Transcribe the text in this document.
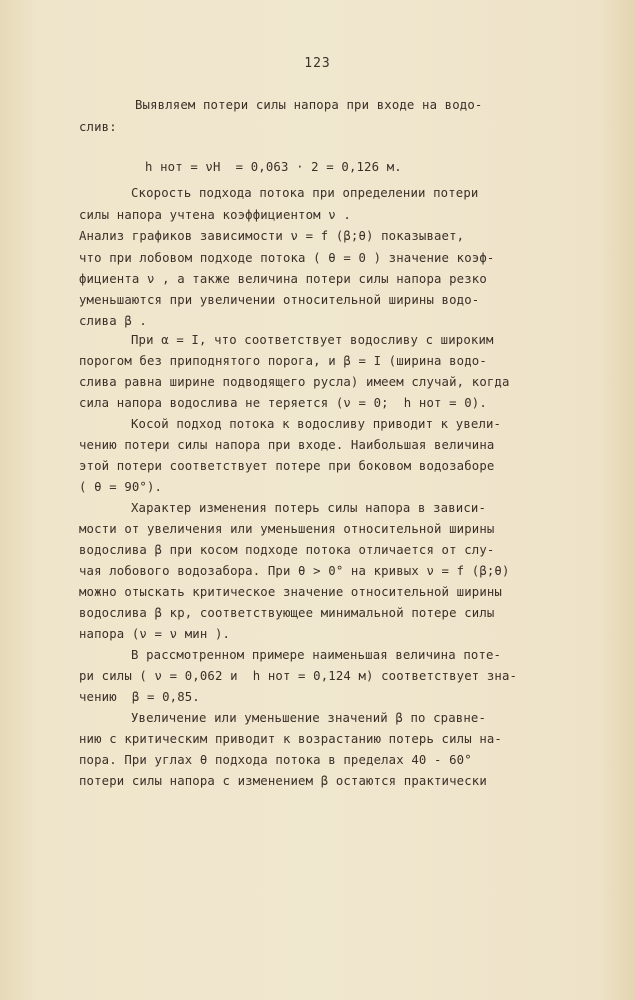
123
Выявляем потери силы напора при входе на водо-
слив:
h нот = νH  = 0,063 · 2 = 0,126 м.
Скорость подхода потока при определении потери
силы напора учтена коэффициентом ν .
Анализ графиков зависимости ν = f (β;θ) показывает,
что при лобовом подходе потока ( θ = 0 ) значение коэф-
фициента ν , а также величина потери силы напора резко
уменьшаются при увеличении относительной ширины водо-
слива β .
При α = I, что соответствует водосливу с широким
порогом без приподнятого порога, и β = I (ширина водо-
слива равна ширине подводящего русла) имеем случай, когда
сила напора водослива не теряется (ν = 0;  h нот = 0).
Косой подход потока к водосливу приводит к увели-
чению потери силы напора при входе. Наибольшая величина
этой потери соответствует потере при боковом водозаборе
( θ = 90°).
Характер изменения потерь силы напора в зависи-
мости от увеличения или уменьшения относительной ширины
водослива β при косом подходе потока отличается от слу-
чая лобового водозабора. При θ > 0° на кривых ν = f (β;θ)
можно отыскать критическое значение относительной ширины
водослива β кр, соответствующее минимальной потере силы
напора (ν = ν мин ).
В рассмотренном примере наименьшая величина поте-
ри силы ( ν = 0,062 и  h нот = 0,124 м) соответствует зна-
чению  β = 0,85.
Увеличение или уменьшение значений β по сравне-
нию с критическим приводит к возрастанию потерь силы на-
пора. При углах θ подхода потока в пределах 40 - 60°
потери силы напора с изменением β остаются практически
